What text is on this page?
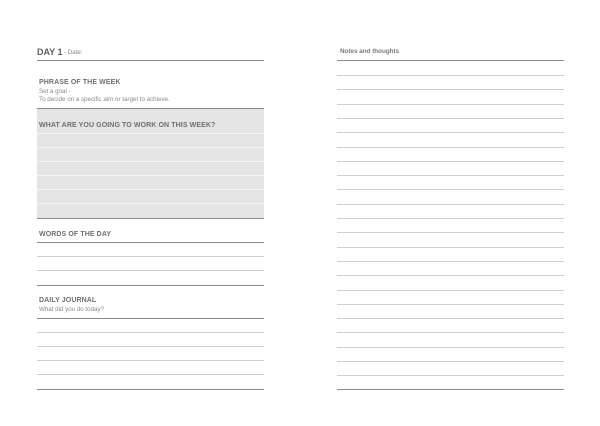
DAY 1 - Date:
PHRASE OF THE WEEK
Set a goal -
To decide on a specific aim or target to achieve.
WHAT ARE YOU GOING TO WORK ON THIS WEEK?
WORDS OF THE DAY
DAILY JOURNAL
What did you do today?
Notes and thoughts
